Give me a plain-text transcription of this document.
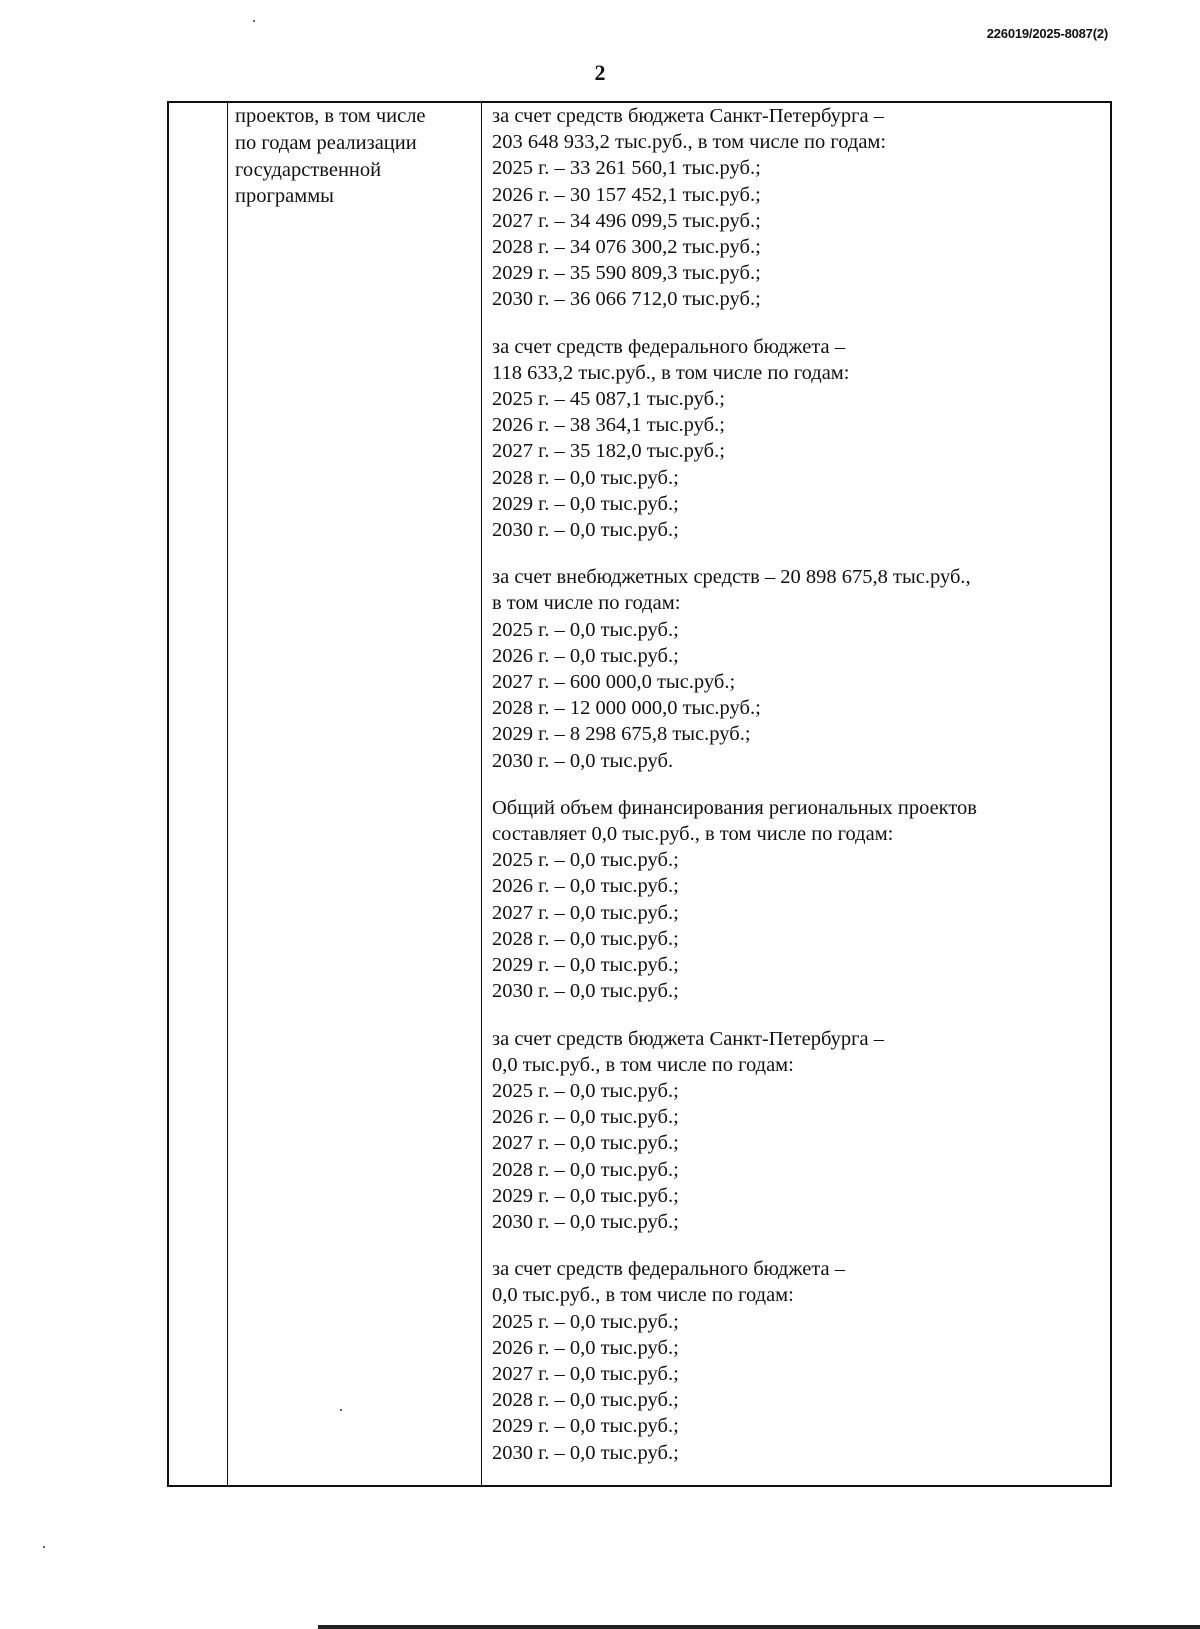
226019/2025-8087(2)
2
проектов, в том числе
по годам реализации
государственной
программы
за счет средств бюджета Санкт-Петербурга –
203 648 933,2 тыс.руб., в том числе по годам:
2025 г. – 33 261 560,1 тыс.руб.;
2026 г. – 30 157 452,1 тыс.руб.;
2027 г. – 34 496 099,5 тыс.руб.;
2028 г. – 34 076 300,2 тыс.руб.;
2029 г. – 35 590 809,3 тыс.руб.;
2030 г. – 36 066 712,0 тыс.руб.;
за счет средств федерального бюджета –
118 633,2 тыс.руб., в том числе по годам:
2025 г. – 45 087,1 тыс.руб.;
2026 г. – 38 364,1 тыс.руб.;
2027 г. – 35 182,0 тыс.руб.;
2028 г. – 0,0 тыс.руб.;
2029 г. – 0,0 тыс.руб.;
2030 г. – 0,0 тыс.руб.;
за счет внебюджетных средств – 20 898 675,8 тыс.руб.,
в том числе по годам:
2025 г. – 0,0 тыс.руб.;
2026 г. – 0,0 тыс.руб.;
2027 г. – 600 000,0 тыс.руб.;
2028 г. – 12 000 000,0 тыс.руб.;
2029 г. – 8 298 675,8 тыс.руб.;
2030 г. – 0,0 тыс.руб.
Общий объем финансирования региональных проектов
составляет 0,0 тыс.руб., в том числе по годам:
2025 г. – 0,0 тыс.руб.;
2026 г. – 0,0 тыс.руб.;
2027 г. – 0,0 тыс.руб.;
2028 г. – 0,0 тыс.руб.;
2029 г. – 0,0 тыс.руб.;
2030 г. – 0,0 тыс.руб.;
за счет средств бюджета Санкт-Петербурга –
0,0 тыс.руб., в том числе по годам:
2025 г. – 0,0 тыс.руб.;
2026 г. – 0,0 тыс.руб.;
2027 г. – 0,0 тыс.руб.;
2028 г. – 0,0 тыс.руб.;
2029 г. – 0,0 тыс.руб.;
2030 г. – 0,0 тыс.руб.;
за счет средств федерального бюджета –
0,0 тыс.руб., в том числе по годам:
2025 г. – 0,0 тыс.руб.;
2026 г. – 0,0 тыс.руб.;
2027 г. – 0,0 тыс.руб.;
2028 г. – 0,0 тыс.руб.;
2029 г. – 0,0 тыс.руб.;
2030 г. – 0,0 тыс.руб.;
